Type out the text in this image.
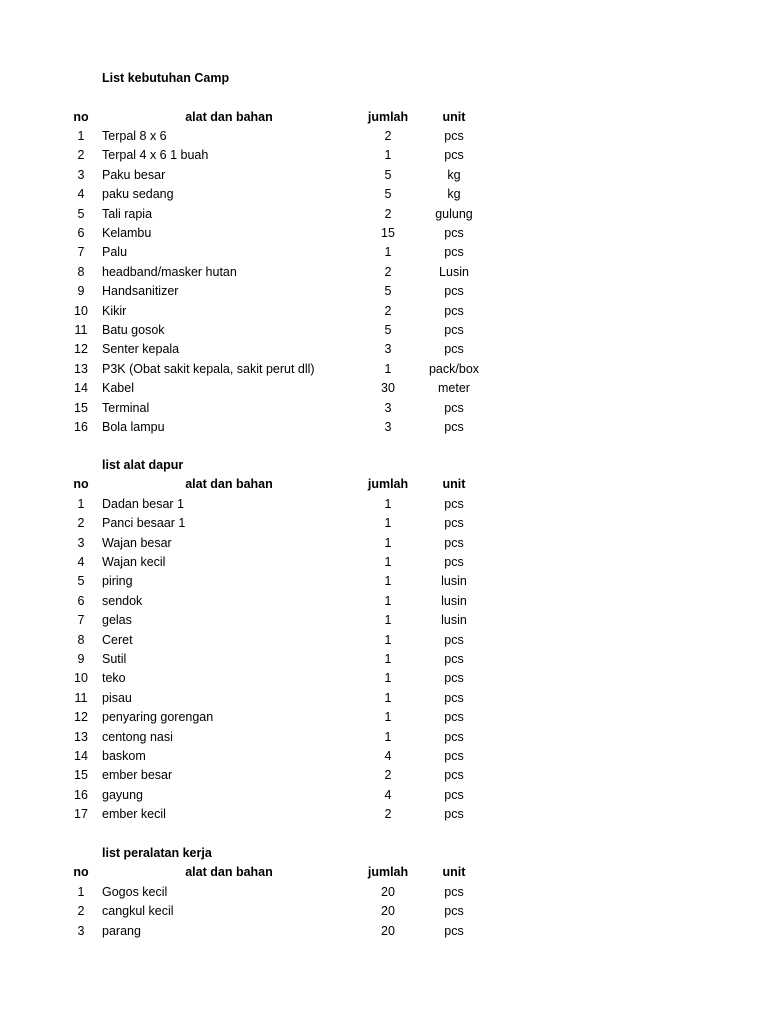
List kebutuhan Camp
no	alat dan bahan	jumlah	unit
1	Terpal 8 x 6	2	pcs
2	Terpal 4 x 6 1 buah	1	pcs
3	Paku besar	5	kg
4	paku sedang	5	kg
5	Tali rapia	2	gulung
6	Kelambu	15	pcs
7	Palu	1	pcs
8	headband/masker hutan	2	Lusin
9	Handsanitizer	5	pcs
10	Kikir	2	pcs
11	Batu gosok	5	pcs
12	Senter kepala	3	pcs
13	P3K (Obat sakit kepala, sakit perut dll)	1	pack/box
14	Kabel	30	meter
15	Terminal	3	pcs
16	Bola lampu	3	pcs
list alat dapur
no	alat dan bahan	jumlah	unit
1	Dadan besar 1	1	pcs
2	Panci besaar 1	1	pcs
3	Wajan besar	1	pcs
4	Wajan kecil	1	pcs
5	piring	1	lusin
6	sendok	1	lusin
7	gelas	1	lusin
8	Ceret	1	pcs
9	Sutil	1	pcs
10	teko	1	pcs
11	pisau	1	pcs
12	penyaring gorengan	1	pcs
13	centong nasi	1	pcs
14	baskom	4	pcs
15	ember besar	2	pcs
16	gayung	4	pcs
17	ember kecil	2	pcs
list peralatan kerja
no	alat dan bahan	jumlah	unit
1	Gogos kecil	20	pcs
2	cangkul kecil	20	pcs
3	parang	20	pcs
